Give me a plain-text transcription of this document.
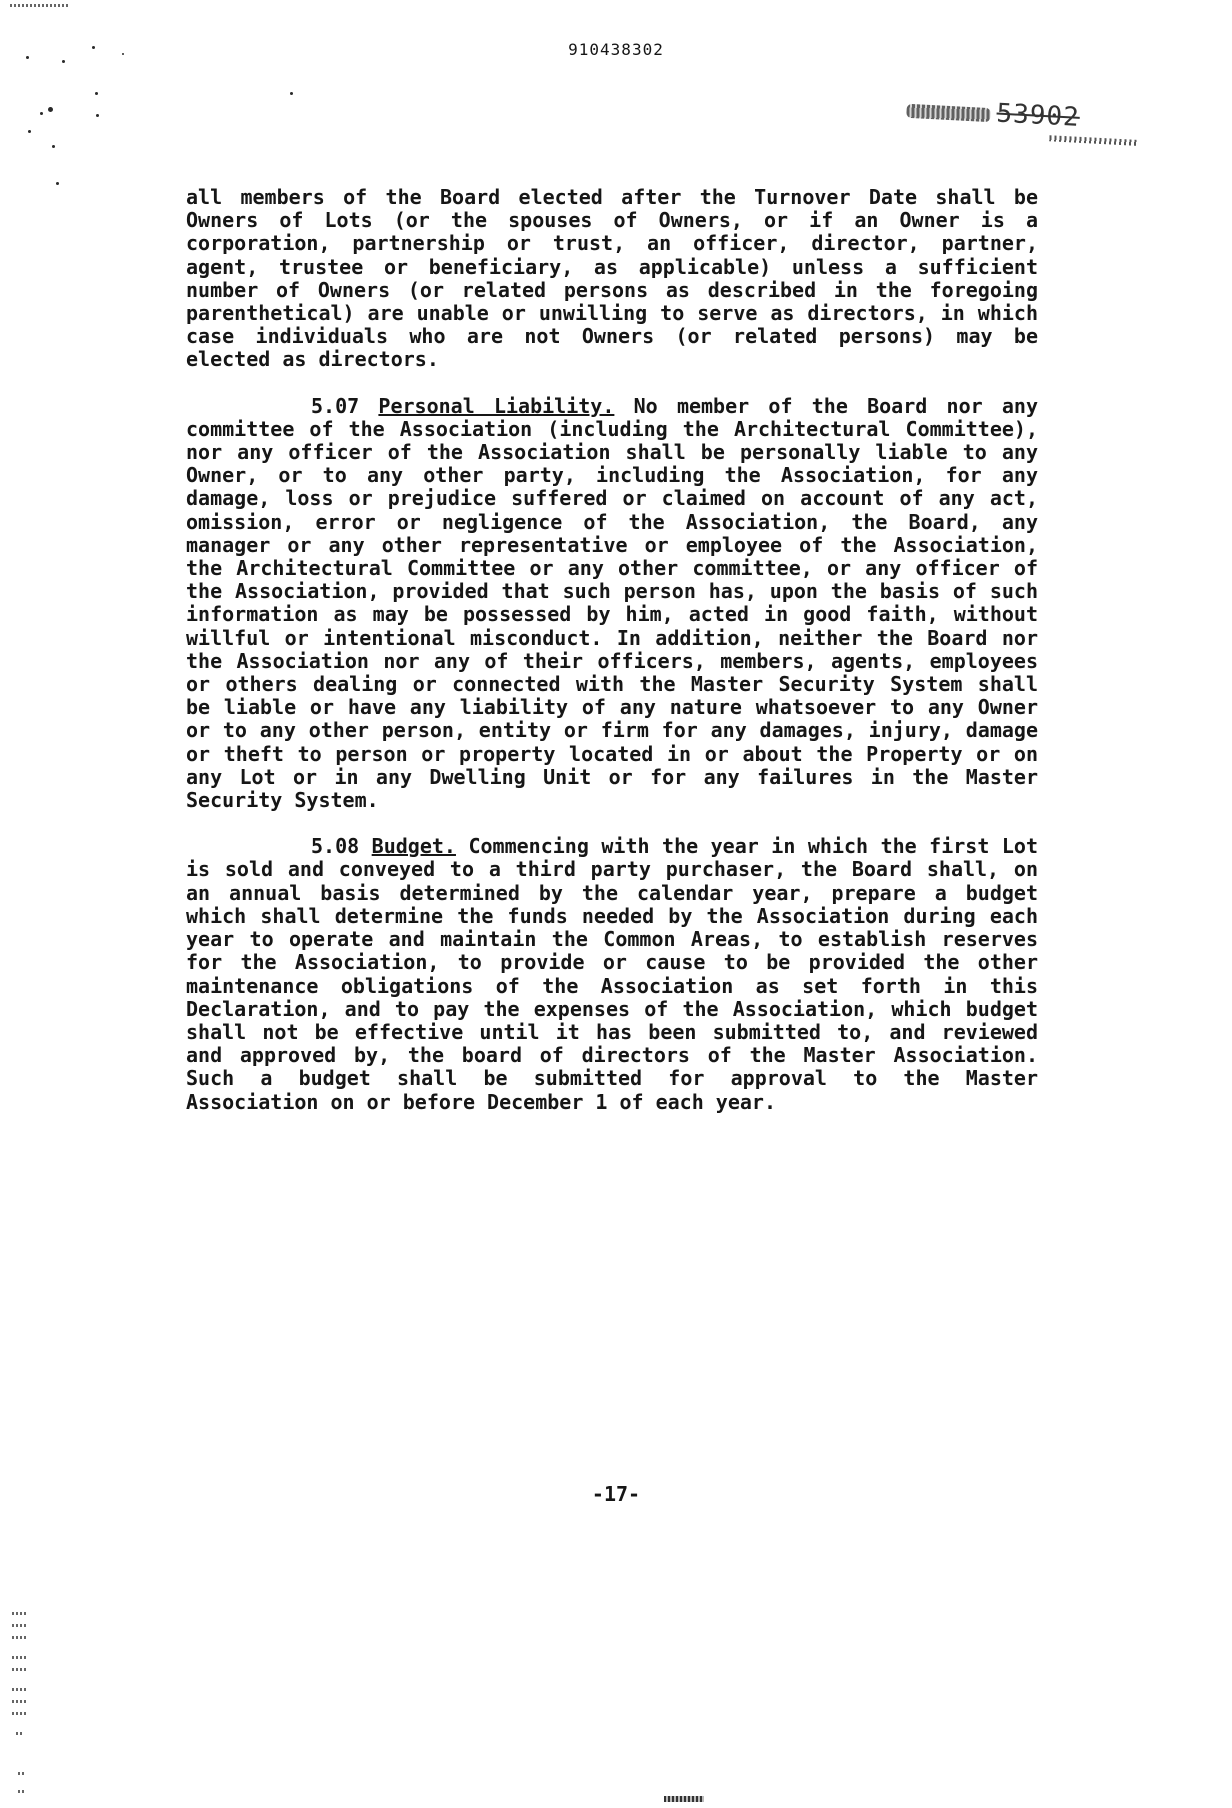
910438302
53902

all members of the Board elected after the Turnover Date shall be Owners of Lots (or the spouses of Owners, or if an Owner is a corporation, partnership or trust, an officer, director, partner, agent, trustee or beneficiary, as applicable) unless a sufficient number of Owners (or related persons as described in the foregoing parenthetical) are unable or unwilling to serve as directors, in which case individuals who are not Owners (or related persons) may be elected as directors.

5.07 Personal Liability. No member of the Board nor any committee of the Association (including the Architectural Committee), nor any officer of the Association shall be personally liable to any Owner, or to any other party, including the Association, for any damage, loss or prejudice suffered or claimed on account of any act, omission, error or negligence of the Association, the Board, any manager or any other representative or employee of the Association, the Architectural Committee or any other committee, or any officer of the Association, provided that such person has, upon the basis of such information as may be possessed by him, acted in good faith, without willful or intentional misconduct. In addition, neither the Board nor the Association nor any of their officers, members, agents, employees or others dealing or connected with the Master Security System shall be liable or have any liability of any nature whatsoever to any Owner or to any other person, entity or firm for any damages, injury, damage or theft to person or property located in or about the Property or on any Lot or in any Dwelling Unit or for any failures in the Master Security System.

5.08 Budget. Commencing with the year in which the first Lot is sold and conveyed to a third party purchaser, the Board shall, on an annual basis determined by the calendar year, prepare a budget which shall determine the funds needed by the Association during each year to operate and maintain the Common Areas, to establish reserves for the Association, to provide or cause to be provided the other maintenance obligations of the Association as set forth in this Declaration, and to pay the expenses of the Association, which budget shall not be effective until it has been submitted to, and reviewed and approved by, the board of directors of the Master Association. Such a budget shall be submitted for approval to the Master Association on or before December 1 of each year.

-17-
